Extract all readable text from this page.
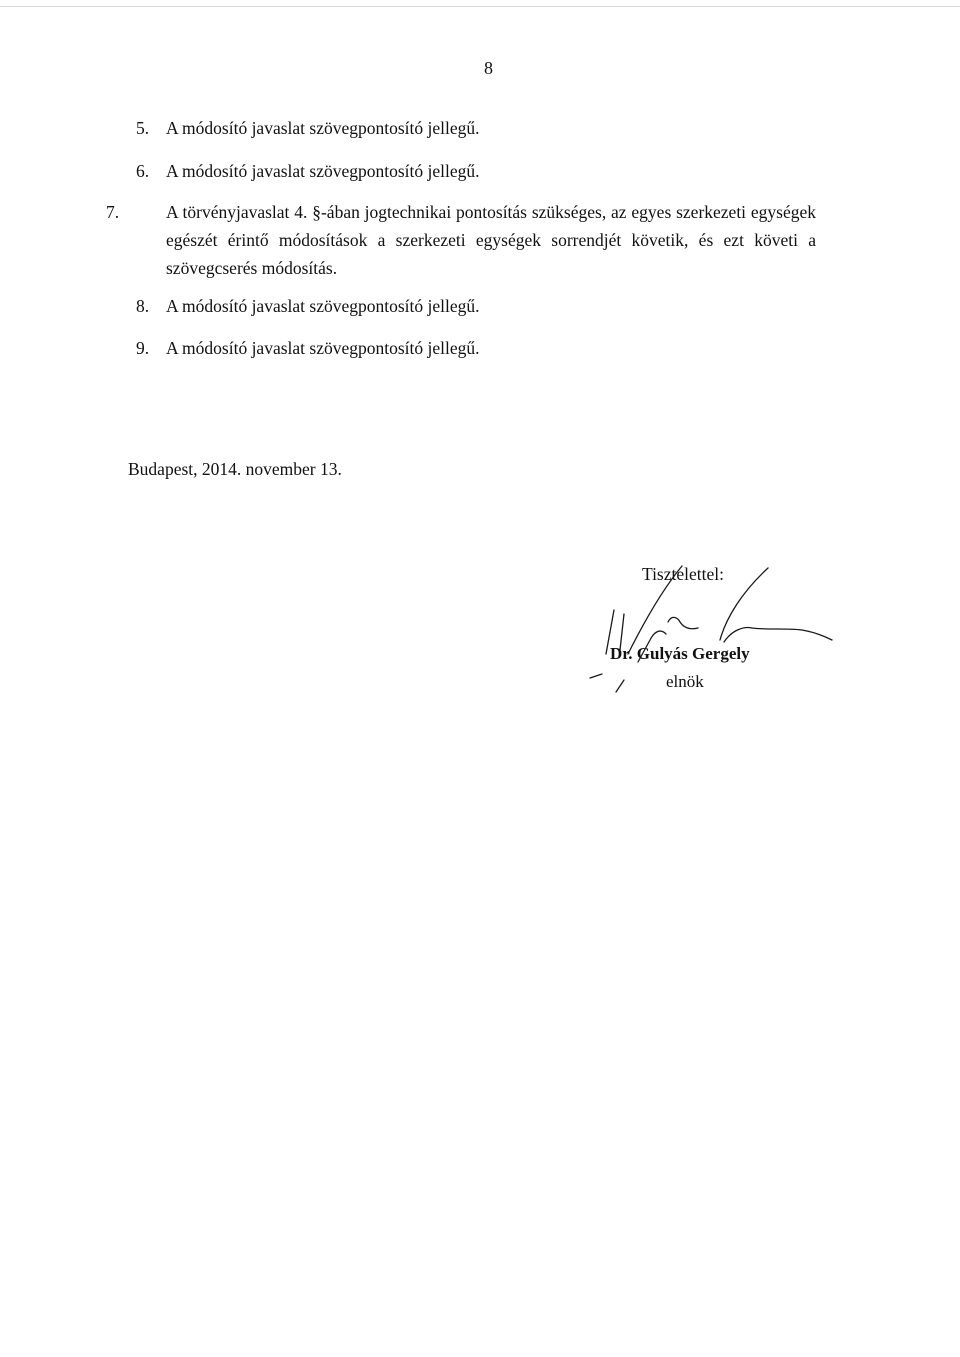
8
5. A módosító javaslat szövegpontosító jellegű.
6. A módosító javaslat szövegpontosító jellegű.
7.	A törvényjavaslat 4. §-ában jogtechnikai pontosítás szükséges, az egyes szerkezeti egységek egészét érintő módosítások a szerkezeti egységek sorrendjét követik, és ezt követi a szövegcserés módosítás.
8. A módosító javaslat szövegpontosító jellegű.
9. A módosító javaslat szövegpontosító jellegű.
Budapest, 2014. november 13.
Tisztelettel:
Dr. Gulyás Gergely
elnök
